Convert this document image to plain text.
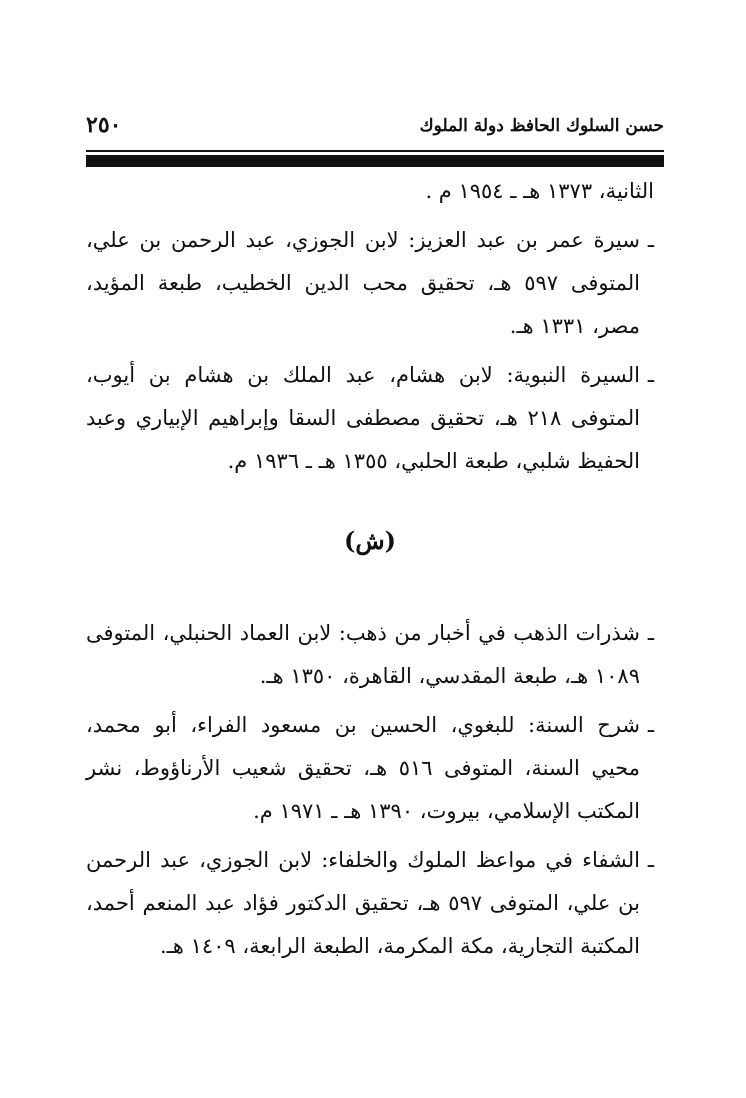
حسن السلوك الحافظ دولة الملوك
٢٥٠

الثانية، ١٣٧٣ هـ ـ ١٩٥٤ م .

ـ
سيرة عمر بن عبد العزيز: لابن الجوزي، عبد الرحمن بن علي، المتوفى ٥٩٧ هـ، تحقيق محب الدين الخطيب، طبعة المؤيد، مصر، ١٣٣١ هـ.

ـ
السيرة النبوية: لابن هشام، عبد الملك بن هشام بن أيوب، المتوفى ٢١٨ هـ، تحقيق مصطفى السقا وإبراهيم الإبياري وعبد الحفيظ شلبي، طبعة الحلبي، ١٣٥٥ هـ ـ ١٩٣٦ م.

(ش)

ـ
شذرات الذهب في أخبار من ذهب: لابن العماد الحنبلي، المتوفى ١٠٨٩ هـ، طبعة المقدسي، القاهرة، ١٣٥٠ هـ.

ـ
شرح السنة: للبغوي، الحسين بن مسعود الفراء، أبو محمد، محيي السنة، المتوفى ٥١٦ هـ، تحقيق شعيب الأرناؤوط، نشر المكتب الإسلامي، بيروت، ١٣٩٠ هـ ـ ١٩٧١ م.

ـ
الشفاء في مواعظ الملوك والخلفاء: لابن الجوزي، عبد الرحمن بن علي، المتوفى ٥٩٧ هـ، تحقيق الدكتور فؤاد عبد المنعم أحمد، المكتبة التجارية، مكة المكرمة، الطبعة الرابعة، ١٤٠٩ هـ.
